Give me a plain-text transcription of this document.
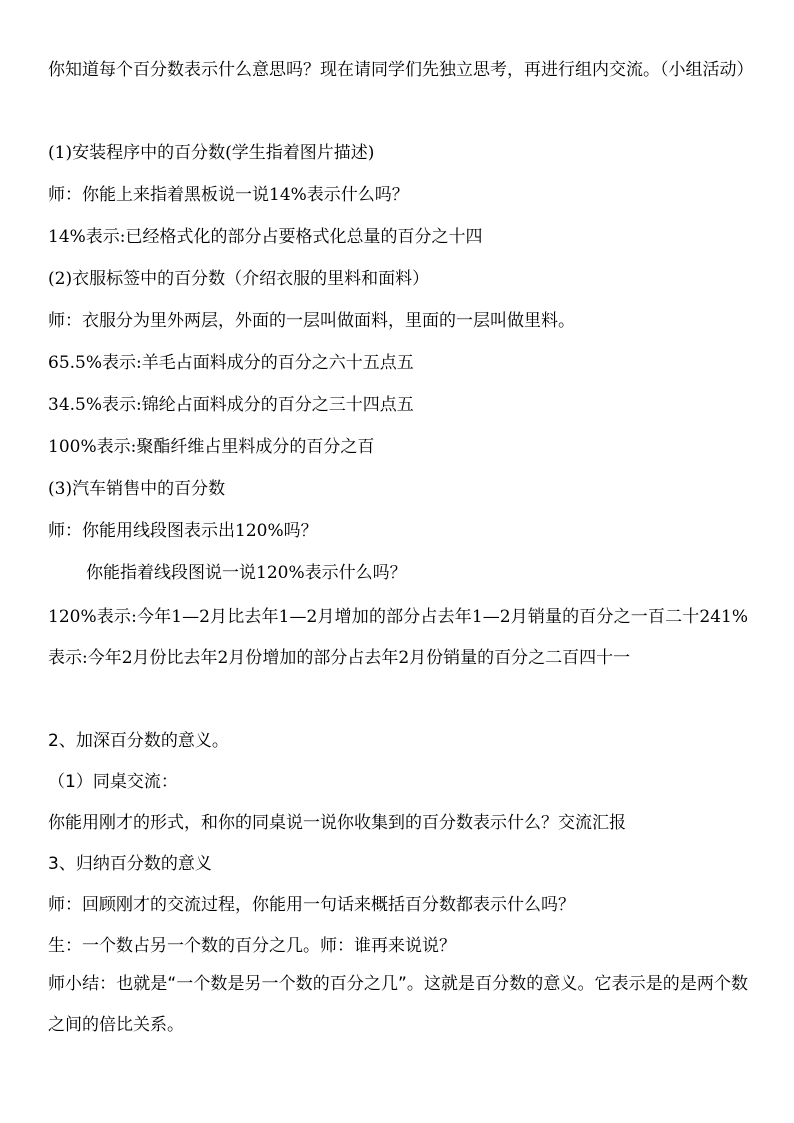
你知道每个百分数表示什么意思吗？现在请同学们先独立思考，再进行组内交流。（小组活动）
(1)安装程序中的百分数(学生指着图片描述)
师：你能上来指着黑板说一说14%表示什么吗？
14%表示:已经格式化的部分占要格式化总量的百分之十四
(2)衣服标签中的百分数（介绍衣服的里料和面料）
师：衣服分为里外两层，外面的一层叫做面料，里面的一层叫做里料。
65.5%表示:羊毛占面料成分的百分之六十五点五
34.5%表示:锦纶占面料成分的百分之三十四点五
100%表示:聚酯纤维占里料成分的百分之百
(3)汽车销售中的百分数
师：你能用线段图表示出120%吗？
你能指着线段图说一说120%表示什么吗？
120%表示:今年1—2月比去年1—2月增加的部分占去年1—2月销量的百分之一百二十241%表示:今年2月份比去年2月份增加的部分占去年2月份销量的百分之二百四十一
2、加深百分数的意义。
（1）同桌交流：
你能用刚才的形式，和你的同桌说一说你收集到的百分数表示什么？交流汇报
3、归纳百分数的意义
师：回顾刚才的交流过程，你能用一句话来概括百分数都表示什么吗？
生：一个数占另一个数的百分之几。师：谁再来说说？
师小结：也就是“一个数是另一个数的百分之几”。这就是百分数的意义。它表示是的是两个数之间的倍比关系。
